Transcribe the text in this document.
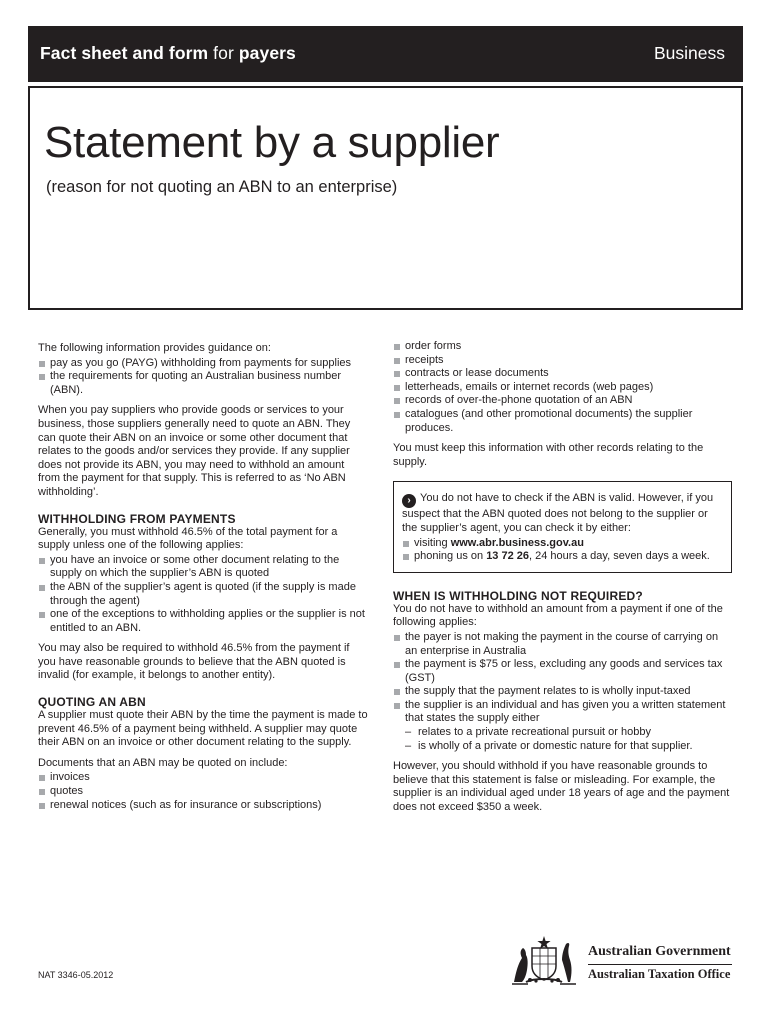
Fact sheet and form for payers	Business
Statement by a supplier
(reason for not quoting an ABN to an enterprise)

The following information provides guidance on:

pay as you go (PAYG) withholding from payments for supplies
the requirements for quoting an Australian business number (ABN).

When you pay suppliers who provide goods or services to your business, those suppliers generally need to quote an ABN. They can quote their ABN on an invoice or some other document that relates to the goods and/or services they provide. If any supplier does not provide its ABN, you may need to withhold an amount from the payment for that supply. This is referred to as ‘No ABN withholding’.

WITHHOLDING FROM PAYMENTS

Generally, you must withhold 46.5% of the total payment for a supply unless one of the following applies:

you have an invoice or some other document relating to the supply on which the supplier’s ABN is quoted
the ABN of the supplier’s agent is quoted (if the supply is made through the agent)
one of the exceptions to withholding applies or the supplier is not entitled to an ABN.

You may also be required to withhold 46.5% from the payment if you have reasonable grounds to believe that the ABN quoted is invalid (for example, it belongs to another entity).

QUOTING AN ABN

A supplier must quote their ABN by the time the payment is made to prevent 46.5% of a payment being withheld. A supplier may quote their ABN on an invoice or other document relating to the supply.

Documents that an ABN may be quoted on include:

invoices
quotes
renewal notices (such as for insurance or subscriptions)
order forms
receipts
contracts or lease documents
letterheads, emails or internet records (web pages)
records of over-the-phone quotation of an ABN
catalogues (and other promotional documents) the supplier produces.

You must keep this information with other records relating to the supply.

› You do not have to check if the ABN is valid. However, if you suspect that the ABN quoted does not belong to the supplier or the supplier’s agent, you can check it by either:
visiting www.abr.business.gov.au
phoning us on 13 72 26, 24 hours a day, seven days a week.
WHEN IS WITHHOLDING NOT REQUIRED?

You do not have to withhold an amount from a payment if one of the following applies:

the payer is not making the payment in the course of carrying on an enterprise in Australia
the payment is $75 or less, excluding any goods and services tax (GST)
the supply that the payment relates to is wholly input-taxed
the supplier is an individual and has given you a written statement that states the supply either
– relates to a private recreational pursuit or hobby
– is wholly of a private or domestic nature for that supplier.

However, you should withhold if you have reasonable grounds to believe that this statement is false or misleading. For example, the supplier is an individual aged under 18 years of age and the payment does not exceed $350 a week.

NAT 3346-05.2012
Australian Government
Australian Taxation Office
